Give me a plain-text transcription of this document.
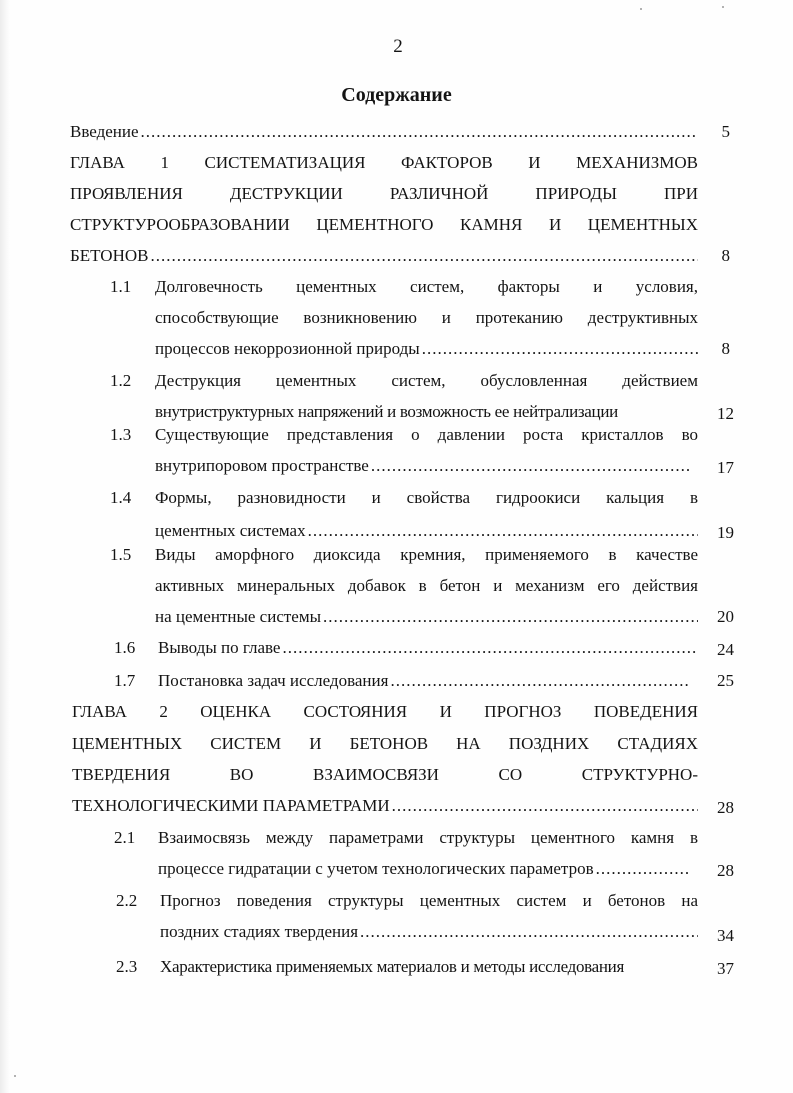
2
Содержание
Введение .....	5
ГЛАВА 1 СИСТЕМАТИЗАЦИЯ ФАКТОРОВ И МЕХАНИЗМОВ
ПРОЯВЛЕНИЯ ДЕСТРУКЦИИ РАЗЛИЧНОЙ ПРИРОДЫ ПРИ
СТРУКТУРООБРАЗОВАНИИ ЦЕМЕНТНОГО КАМНЯ И ЦЕМЕНТНЫХ
БЕТОНОВ .....	8
1.1 Долговечность цементных систем, факторы и условия,
способствующие возникновению и протеканию деструктивных
процессов некоррозионной природы .....	8
1.2 Деструкция цементных систем, обусловленная действием
внутриструктурных напряжений и возможность ее нейтрализации	12
1.3 Существующие представления о давлении роста кристаллов во
внутрипоровом пространстве .....	17
1.4 Формы, разновидности и свойства гидроокиси кальция в
цементных системах .....	19
1.5 Виды аморфного диоксида кремния, применяемого в качестве
активных минеральных добавок в бетон и механизм его действия
на цементные системы .....	20
1.6 Выводы по главе .....	24
1.7 Постановка задач исследования .....	25
ГЛАВА 2 ОЦЕНКА СОСТОЯНИЯ И ПРОГНОЗ ПОВЕДЕНИЯ
ЦЕМЕНТНЫХ СИСТЕМ И БЕТОНОВ НА ПОЗДНИХ СТАДИЯХ
ТВЕРДЕНИЯ ВО ВЗАИМОСВЯЗИ СО СТРУКТУРНО-
ТЕХНОЛОГИЧЕСКИМИ ПАРАМЕТРАМИ .....	28
2.1 Взаимосвязь между параметрами структуры цементного камня в
процессе гидратации с учетом технологических параметров .....	28
2.2 Прогноз поведения структуры цементных систем и бетонов на
поздних стадиях твердения .....	34
2.3 Характеристика применяемых материалов и методы исследования	37
